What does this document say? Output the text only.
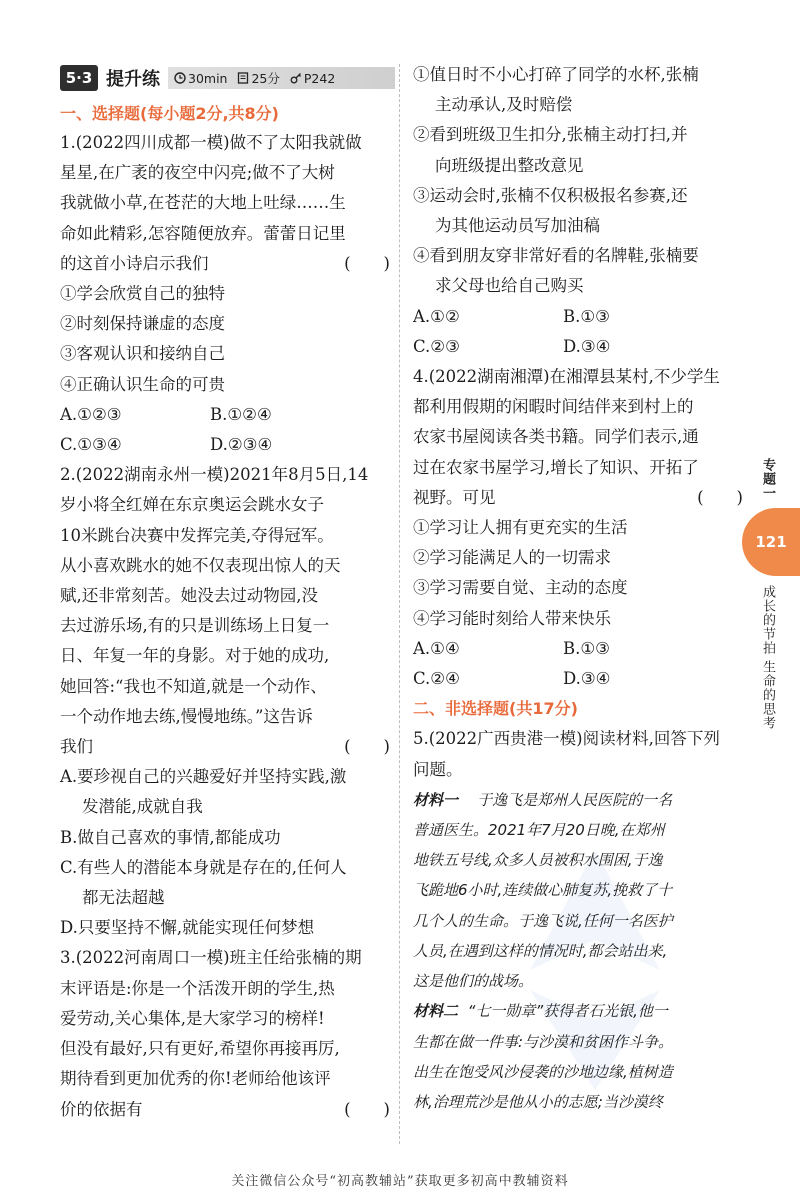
5·3 提升练 30min 25分 P242
一、选择题(每小题2分,共8分)
1.(2022四川成都一模)做不了太阳我就做
星星,在广袤的夜空中闪亮;做不了大树
我就做小草,在苍茫的大地上吐绿……生
命如此精彩,怎容随便放弃。蕾蕾日记里
的这首小诗启示我们	(　　)
①学会欣赏自己的独特
②时刻保持谦虚的态度
③客观认识和接纳自己
④正确认识生命的可贵
A.①②③	B.①②④
C.①③④	D.②③④
2.(2022湖南永州一模)2021年8月5日,14
岁小将全红婵在东京奥运会跳水女子
10米跳台决赛中发挥完美,夺得冠军。
从小喜欢跳水的她不仅表现出惊人的天
赋,还非常刻苦。她没去过动物园,没
去过游乐场,有的只是训练场上日复一
日、年复一年的身影。对于她的成功,
她回答:“我也不知道,就是一个动作、
一个动作地去练,慢慢地练。”这告诉
我们	(　　)
A.要珍视自己的兴趣爱好并坚持实践,激
发潜能,成就自我
B.做自己喜欢的事情,都能成功
C.有些人的潜能本身就是存在的,任何人
都无法超越
D.只要坚持不懈,就能实现任何梦想
3.(2022河南周口一模)班主任给张楠的期
末评语是:你是一个活泼开朗的学生,热
爱劳动,关心集体,是大家学习的榜样!
但没有最好,只有更好,希望你再接再厉,
期待看到更加优秀的你!老师给他该评
价的依据有	(　　)
①值日时不小心打碎了同学的水杯,张楠
主动承认,及时赔偿
②看到班级卫生扣分,张楠主动打扫,并
向班级提出整改意见
③运动会时,张楠不仅积极报名参赛,还
为其他运动员写加油稿
④看到朋友穿非常好看的名牌鞋,张楠要
求父母也给自己购买
A.①②	B.①③
C.②③	D.③④
4.(2022湖南湘潭)在湘潭县某村,不少学生
都利用假期的闲暇时间结伴来到村上的
农家书屋阅读各类书籍。同学们表示,通
过在农家书屋学习,增长了知识、开拓了
视野。可见	(　　)
①学习让人拥有更充实的生活
②学习能满足人的一切需求
③学习需要自觉、主动的态度
④学习能时刻给人带来快乐
A.①④	B.①③
C.②④	D.③④
二、非选择题(共17分)
5.(2022广西贵港一模)阅读材料,回答下列
问题。
材料一 于逸飞是郑州人民医院的一名
普通医生。2021年7月20日晚,在郑州
地铁五号线,众多人员被积水围困,于逸
飞跪地6小时,连续做心肺复苏,挽救了十
几个人的生命。于逸飞说,任何一名医护
人员,在遇到这样的情况时,都会站出来,
这是他们的战场。
材料二 “七一勋章”获得者石光银,他一
生都在做一件事:与沙漠和贫困作斗争。
出生在饱受风沙侵袭的沙地边缘,植树造
林,治理荒沙是他从小的志愿;当沙漠终
专题一
121
成长的节拍
生命的思考
关注微信公众号“初高教辅站”获取更多初高中教辅资料
